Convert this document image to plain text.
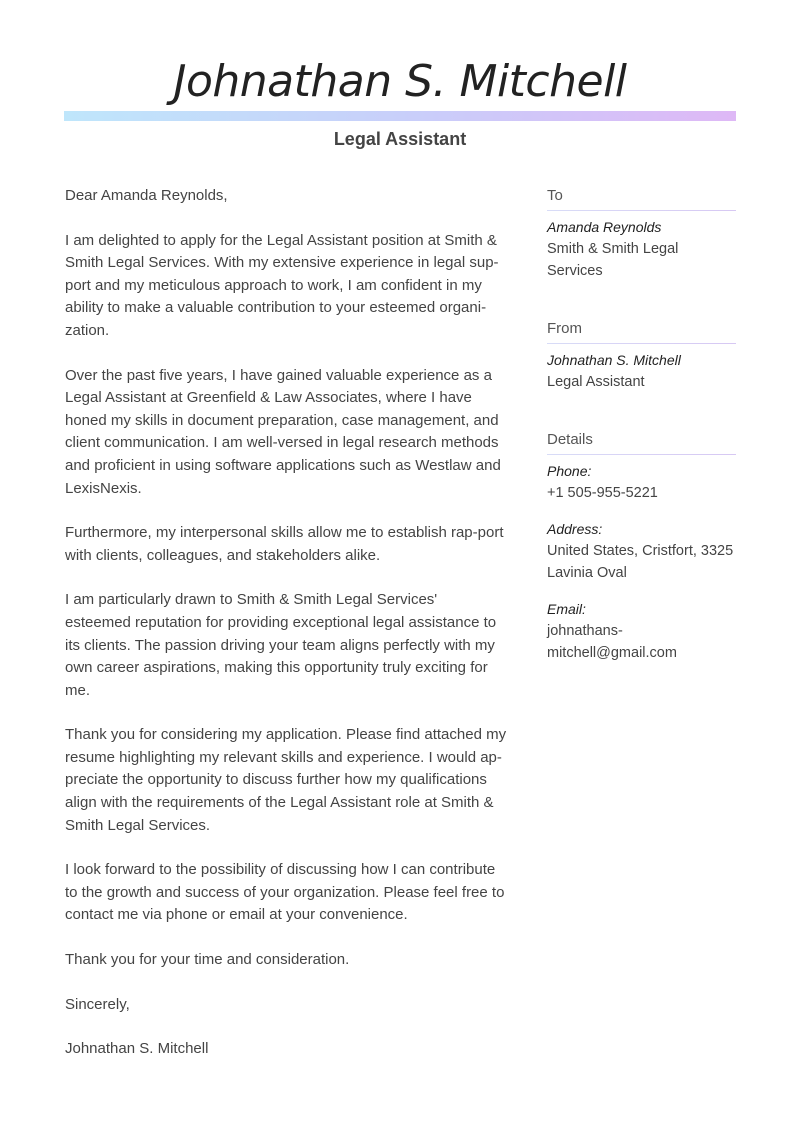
Johnathan S. Mitchell
Legal Assistant

Dear Amanda Reynolds,

I am delighted to apply for the Legal Assistant position at Smith & Smith Legal Services. With my extensive experience in legal sup-port and my meticulous approach to work, I am confident in my ability to make a valuable contribution to your esteemed organi-zation.

Over the past five years, I have gained valuable experience as a Legal Assistant at Greenfield & Law Associates, where I have honed my skills in document preparation, case management, and client communication. I am well-versed in legal research methods and proficient in using software applications such as Westlaw and LexisNexis.

Furthermore, my interpersonal skills allow me to establish rap-port with clients, colleagues, and stakeholders alike.

I am particularly drawn to Smith & Smith Legal Services' esteemed reputation for providing exceptional legal assistance to its clients. The passion driving your team aligns perfectly with my own career aspirations, making this opportunity truly exciting for me.

Thank you for considering my application. Please find attached my resume highlighting my relevant skills and experience. I would ap-preciate the opportunity to discuss further how my qualifications align with the requirements of the Legal Assistant role at Smith & Smith Legal Services.

I look forward to the possibility of discussing how I can contribute to the growth and success of your organization. Please feel free to contact me via phone or email at your convenience.

Thank you for your time and consideration.

Sincerely,

Johnathan S. Mitchell

To
Amanda Reynolds
Smith & Smith Legal Services
From
Johnathan S. Mitchell
Legal Assistant
Details
Phone:
+1 505-955-5221
Address:
United States, Cristfort, 3325 Lavinia Oval
Email:
johnathans-mitchell@gmail.com
